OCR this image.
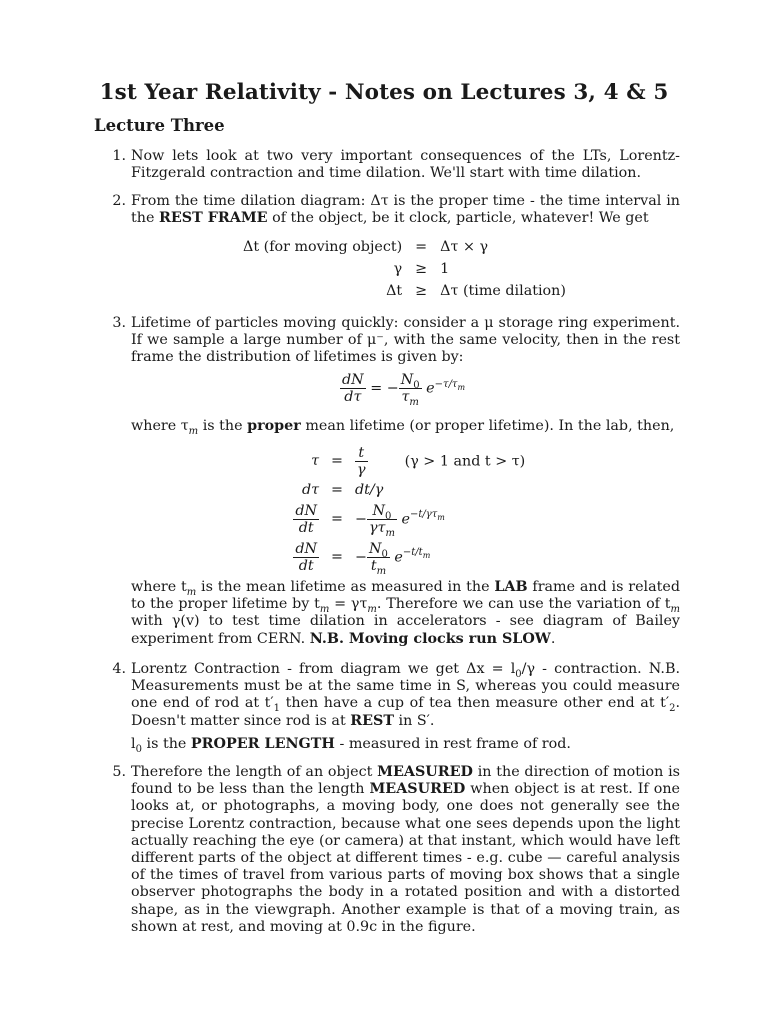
1st Year Relativity - Notes on Lectures 3, 4 & 5
Lecture Three
1. Now lets look at two very important consequences of the LTs, Lorentz-Fitzgerald contraction and time dilation. We'll start with time dilation.

2. From the time dilation diagram: Δτ is the proper time - the time interval in the REST FRAME of the object, be it clock, particle, whatever! We get

Δt (for moving object)	=	Δτ × γ
γ	≥	1
Δt	≥	Δτ (time dilation)
3. Lifetime of particles moving quickly: consider a μ storage ring experiment. If we sample a large number of μ⁻, with the same velocity, then in the rest frame the distribution of lifetimes is given by:

$\frac{dN}{d\tau}$ = − $\frac{N_0}{\tau_m} e^{-\tau/\tau_m}$

where $\tau_m$ is the proper mean lifetime (or proper lifetime). In the lab, then,

τ	=	$\frac{t}{\gamma} (\gamma > 1$ and t > τ)
dτ	=	dt/γ

$\frac{dN}{dt}$	=	− $\frac{N_0}{\gamma\tau_m} e^{-t/\gamma\tau_m}$

$\frac{dN}{dt}$	=	− $\frac{N_0}{t_m} e^{-t/t_m}$

where $t_m$ is the mean lifetime as measured in the LAB frame and is related to the proper lifetime by $t_m = \gamma\tau_m$. Therefore we can use the variation of $t_m$ with γ(v) to test time dilation in accelerators - see diagram of Bailey experiment from CERN. N.B. Moving clocks run SLOW.

4. Lorentz Contraction - from diagram we get $\Delta x = l_0/\gamma$ - contraction. N.B. Measurements must be at the same time in S, whereas you could measure one end of rod at $t'_1$ then have a cup of tea then measure other end at $t'_2$. Doesn't matter since rod is at REST in S′.

$l_0$ is the PROPER LENGTH - measured in rest frame of rod.

5. Therefore the length of an object MEASURED in the direction of motion is found to be less than the length MEASURED when object is at rest. If one looks at, or photographs, a moving body, one does not generally see the precise Lorentz contraction, because what one sees depends upon the light actually reaching the eye (or camera) at that instant, which would have left different parts of the object at different times - e.g. cube — careful analysis of the times of travel from various parts of moving box shows that a single observer photographs the body in a rotated position and with a distorted shape, as in the viewgraph. Another example is that of a moving train, as shown at rest, and moving at 0.9c in the figure.
